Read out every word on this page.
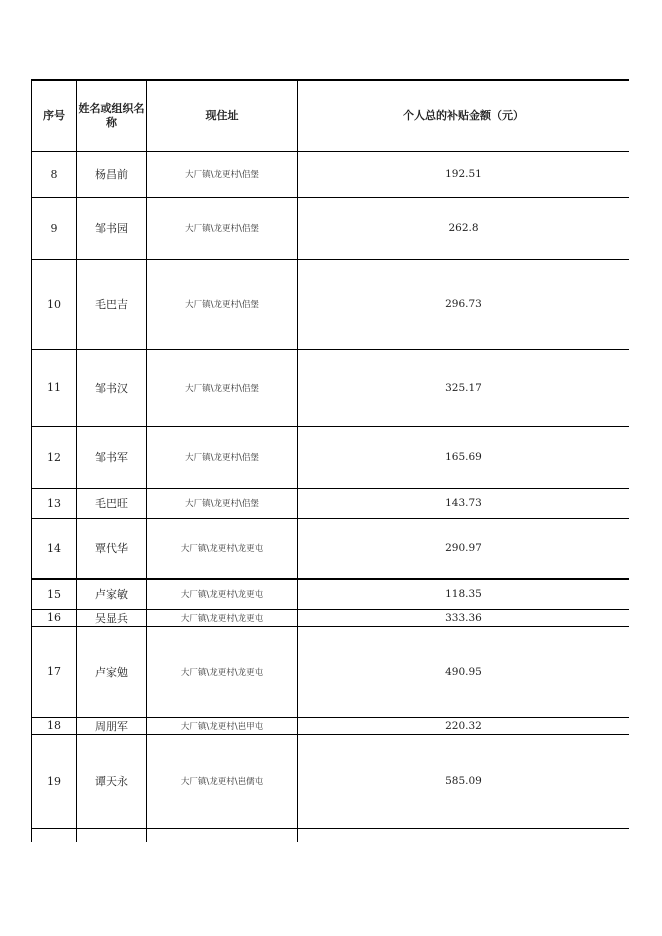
序号	姓名或组织名称	现住址	个人总的补贴金额（元）
8	杨昌前	大厂镇\龙更村\侣堡	192.51
9	邹书园	大厂镇\龙更村\侣堡	262.8
10	毛巴吉	大厂镇\龙更村\侣堡	296.73
11	邹书汉	大厂镇\龙更村\侣堡	325.17
12	邹书军	大厂镇\龙更村\侣堡	165.69
13	毛巴旺	大厂镇\龙更村\侣堡	143.73
14	覃代华	大厂镇\龙更村\龙更屯	290.97
15	卢家敏	大厂镇\龙更村\龙更屯	118.35
16	吴显兵	大厂镇\龙更村\龙更屯	333.36
17	卢家勉	大厂镇\龙更村\龙更屯	490.95
18	周朋军	大厂镇\龙更村\岜甲屯	220.32
19	谭天永	大厂镇\龙更村\岜儒屯	585.09
